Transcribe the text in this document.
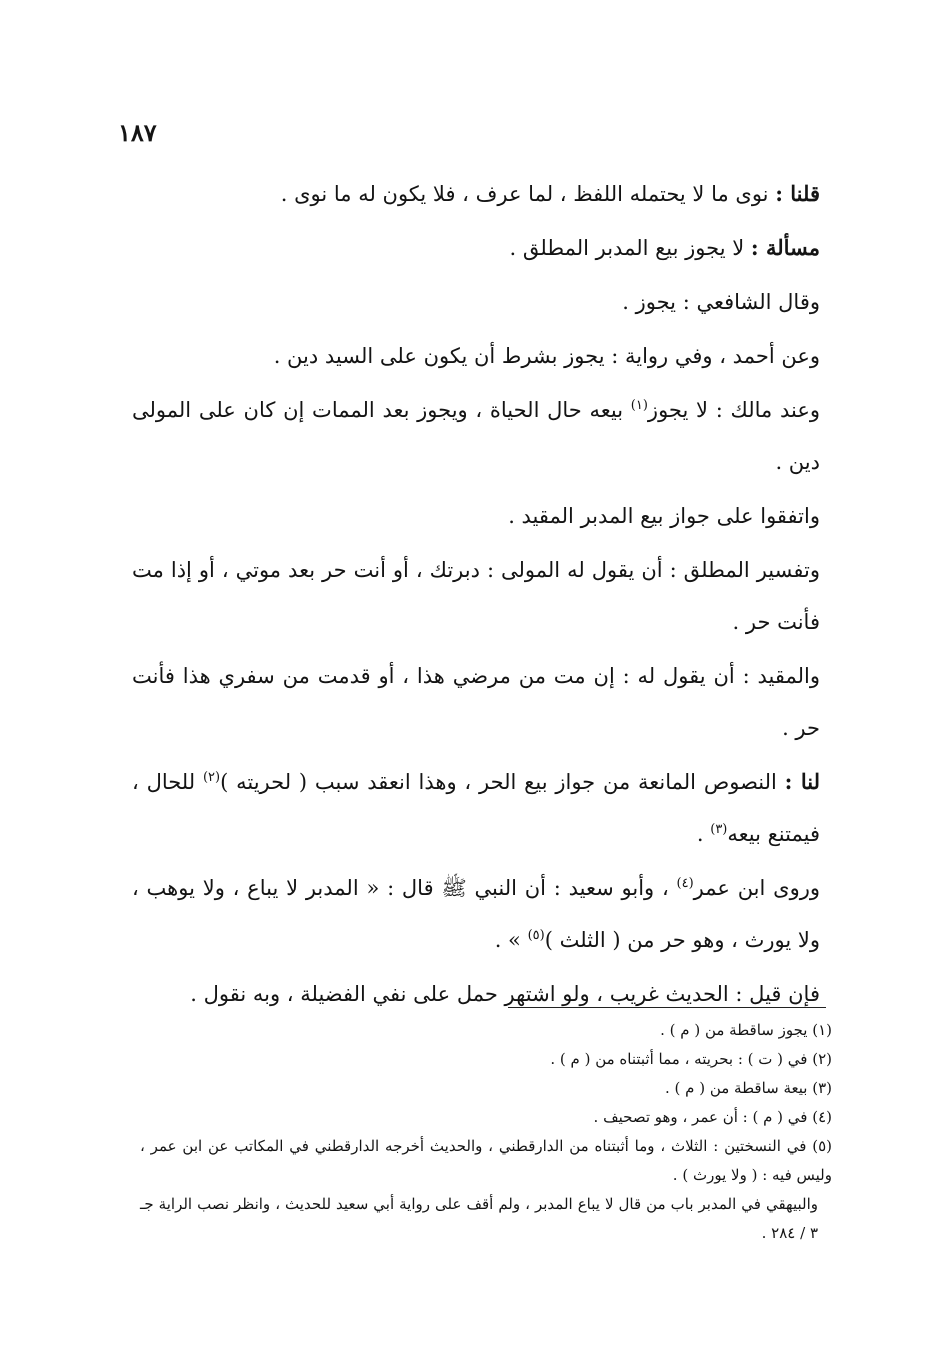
١٨٧

قلنا : نوى ما لا يحتمله اللفظ ، لما عرف ، فلا يكون له ما نوى .

مسألة : لا يجوز بيع المدبر المطلق .

وقال الشافعي : يجوز .

وعن أحمد ، وفي رواية : يجوز بشرط أن يكون على السيد دين .

وعند مالك : لا يجوز$^{(١)}$ بيعه حال الحياة ، ويجوز بعد الممات إن كان على المولى دين .

واتفقوا على جواز بيع المدبر المقيد .

وتفسير المطلق : أن يقول له المولى : دبرتك ، أو أنت حر بعد موتي ، أو إذا مت فأنت حر .

والمقيد : أن يقول له : إن مت من مرضي هذا ، أو قدمت من سفري هذا فأنت حر .

لنا : النصوص المانعة من جواز بيع الحر ، وهذا انعقد سبب ( لحريته )$^{(٢)}$ للحال ، فيمتنع بيعه$^{(٣)}$ .

وروى ابن عمر$^{(٤)}$ ، وأبو سعيد : أن النبي ﷺ قال : « المدبر لا يباع ، ولا يوهب ، ولا يورث ، وهو حر من ( الثلث )$^{(٥)}$ » .

فإن قيل : الحديث غريب ، ولو اشتهر حمل على نفي الفضيلة ، وبه نقول .

(١) يجوز ساقطة من ( م ) .

(٢) في ( ت ) : بحريته ، مما أثبتناه من ( م ) .

(٣) بيعة ساقطة من ( م ) .

(٤) في ( م ) : أن عمر ، وهو تصحيف .

(٥) في النسختين : الثلاث ، وما أثبتناه من الدارقطني ، والحديث أخرجه الدارقطني في المكاتب عن ابن عمر ، وليس فيه : ( ولا يورث ) .

والبيهقي في المدبر باب من قال لا يباع المدبر ، ولم أقف على رواية أبي سعيد للحديث ، وانظر نصب الراية جـ ٣ / ٢٨٤ .
